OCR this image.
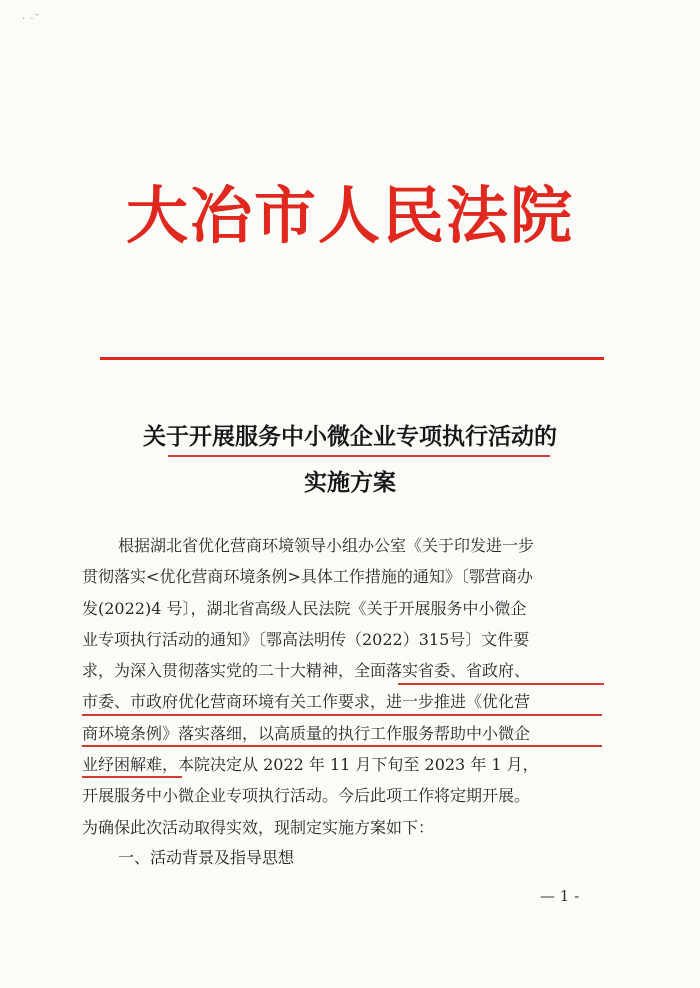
· ·ˇ
大冶市人民法院
关于开展服务中小微企业专项执行活动的
实施方案
根据湖北省优化营商环境领导小组办公室《关于印发进一步
贯彻落实<优化营商环境条例>具体工作措施的通知》〔鄂营商办
发(2022)4 号〕，湖北省高级人民法院《关于开展服务中小微企
业专项执行活动的通知》〔鄂高法明传（2022）315号〕文件要
求，为深入贯彻落实党的二十大精神，全面落实省委、省政府、
市委、市政府优化营商环境有关工作要求，进一步推进《优化营
商环境条例》落实落细，以高质量的执行工作服务帮助中小微企
业纾困解难，本院决定从 2022 年 11 月下旬至 2023 年 1 月，
开展服务中小微企业专项执行活动。今后此项工作将定期开展。
为确保此次活动取得实效，现制定实施方案如下：
一、活动背景及指导思想
— 1 -
